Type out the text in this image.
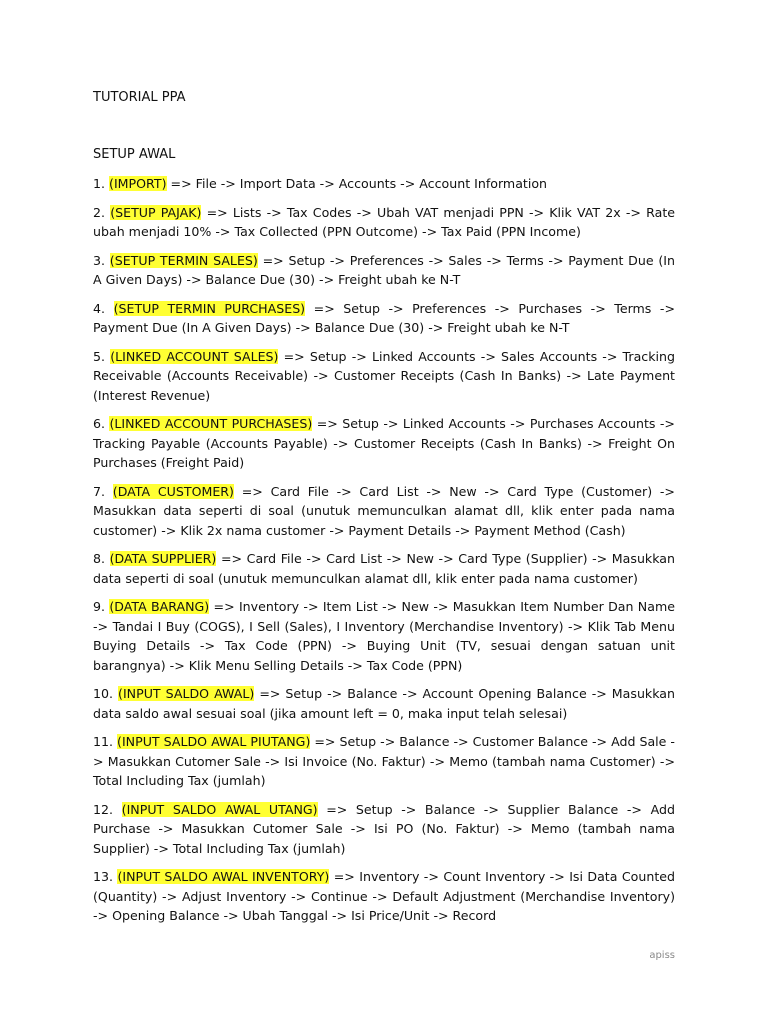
TUTORIAL PPA
SETUP AWAL
1. (IMPORT) => File -> Import Data -> Accounts -> Account Information
2. (SETUP PAJAK) => Lists -> Tax Codes -> Ubah VAT menjadi PPN -> Klik VAT 2x -> Rate ubah menjadi 10% -> Tax Collected (PPN Outcome) -> Tax Paid (PPN Income)
3. (SETUP TERMIN SALES) => Setup -> Preferences -> Sales -> Terms -> Payment Due (In A Given Days) -> Balance Due (30) -> Freight ubah ke N-T
4. (SETUP TERMIN PURCHASES) => Setup -> Preferences -> Purchases -> Terms -> Payment Due (In A Given Days) -> Balance Due (30) -> Freight ubah ke N-T
5. (LINKED ACCOUNT SALES) => Setup -> Linked Accounts -> Sales Accounts -> Tracking Receivable (Accounts Receivable) -> Customer Receipts (Cash In Banks) -> Late Payment (Interest Revenue)
6. (LINKED ACCOUNT PURCHASES) => Setup -> Linked Accounts -> Purchases Accounts -> Tracking Payable (Accounts Payable) -> Customer Receipts (Cash In Banks) -> Freight On Purchases (Freight Paid)
7. (DATA CUSTOMER) => Card File -> Card List -> New -> Card Type (Customer) -> Masukkan data seperti di soal (unutuk memunculkan alamat dll, klik enter pada nama customer) -> Klik 2x nama customer -> Payment Details -> Payment Method (Cash)
8. (DATA SUPPLIER) => Card File -> Card List -> New -> Card Type (Supplier) -> Masukkan data seperti di soal (unutuk memunculkan alamat dll, klik enter pada nama customer)
9. (DATA BARANG) => Inventory -> Item List -> New -> Masukkan Item Number Dan Name -> Tandai I Buy (COGS), I Sell (Sales), I Inventory (Merchandise Inventory) -> Klik Tab Menu Buying Details -> Tax Code (PPN) -> Buying Unit (TV, sesuai dengan satuan unit barangnya) -> Klik Menu Selling Details -> Tax Code (PPN)
10. (INPUT SALDO AWAL) => Setup -> Balance -> Account Opening Balance -> Masukkan data saldo awal sesuai soal (jika amount left = 0, maka input telah selesai)
11. (INPUT SALDO AWAL PIUTANG) => Setup -> Balance -> Customer Balance -> Add Sale -> Masukkan Cutomer Sale -> Isi Invoice (No. Faktur) -> Memo (tambah nama Customer) -> Total Including Tax (jumlah)
12. (INPUT SALDO AWAL UTANG) => Setup -> Balance -> Supplier Balance -> Add Purchase -> Masukkan Cutomer Sale -> Isi PO (No. Faktur) -> Memo (tambah nama Supplier) -> Total Including Tax (jumlah)
13. (INPUT SALDO AWAL INVENTORY) => Inventory -> Count Inventory -> Isi Data Counted (Quantity) -> Adjust Inventory -> Continue -> Default Adjustment (Merchandise Inventory) -> Opening Balance -> Ubah Tanggal -> Isi Price/Unit -> Record
apiss
